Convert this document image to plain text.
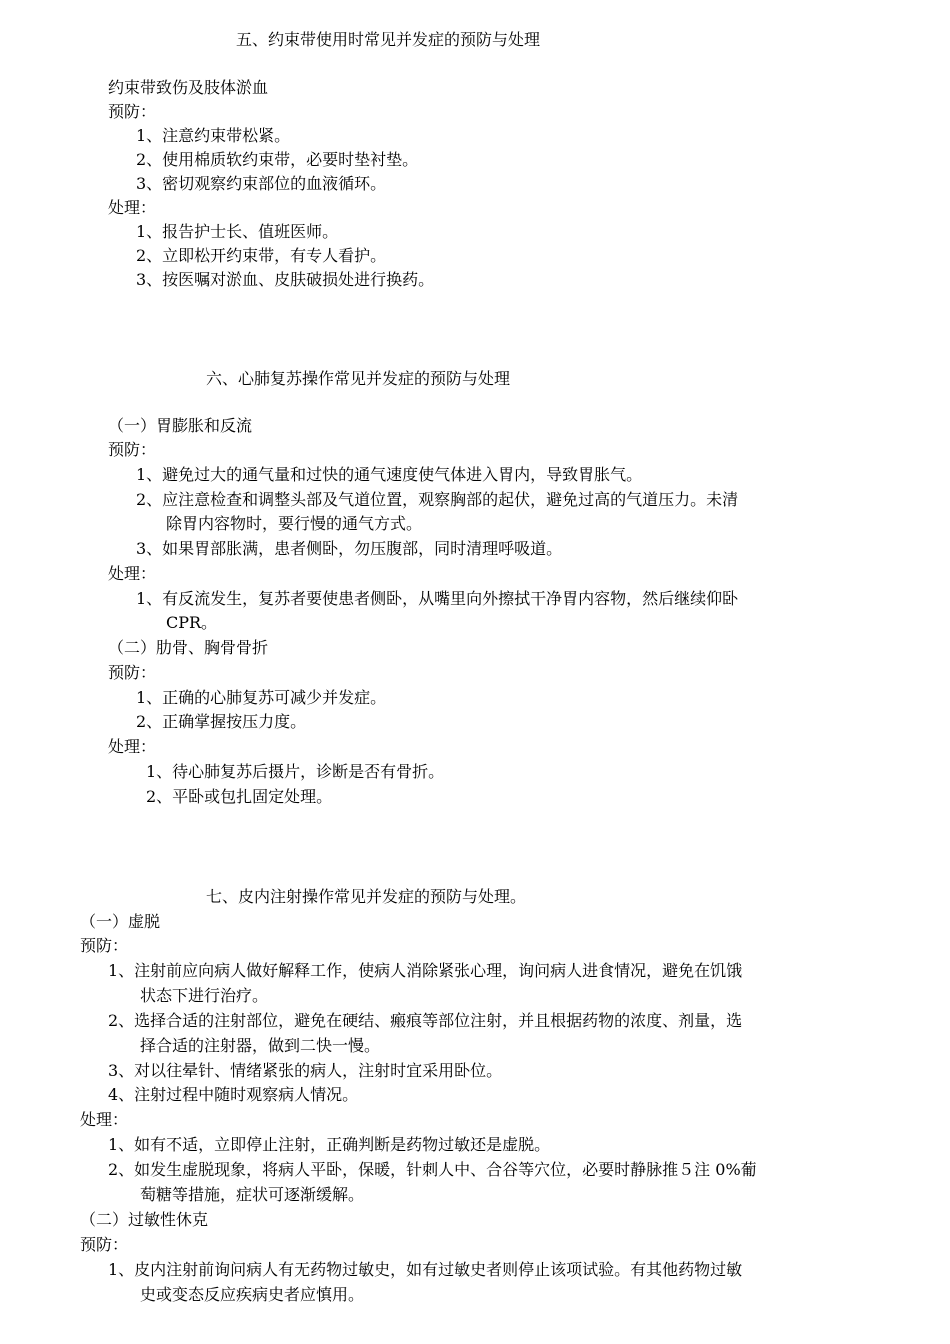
五、约束带使用时常见并发症的预防与处理
约束带致伤及肢体淤血
预防：
1、注意约束带松紧。
2、使用棉质软约束带，必要时垫衬垫。
3、密切观察约束部位的血液循环。
处理：
1、报告护士长、值班医师。
2、立即松开约束带，有专人看护。
3、按医嘱对淤血、皮肤破损处进行换药。
六、心肺复苏操作常见并发症的预防与处理
（一）胃膨胀和反流
预防：
1、避免过大的通气量和过快的通气速度使气体进入胃内，导致胃胀气。
2、应注意检查和调整头部及气道位置，观察胸部的起伏，避免过高的气道压力。未清
除胃内容物时，要行慢的通气方式。
3、如果胃部胀满，患者侧卧，勿压腹部，同时清理呼吸道。
处理：
1、有反流发生，复苏者要使患者侧卧，从嘴里向外擦拭干净胃内容物，然后继续仰卧
CPR。
（二）肋骨、胸骨骨折
预防：
1、正确的心肺复苏可减少并发症。
2、正确掌握按压力度。
处理：
1、待心肺复苏后摄片，诊断是否有骨折。
2、平卧或包扎固定处理。
七、皮内注射操作常见并发症的预防与处理。
（一）虚脱
预防：
1、注射前应向病人做好解释工作，使病人消除紧张心理，询问病人进食情况，避免在饥饿
状态下进行治疗。
2、选择合适的注射部位，避免在硬结、瘢痕等部位注射，并且根据药物的浓度、剂量，选
择合适的注射器，做到二快一慢。
3、对以往晕针、情绪紧张的病人，注射时宜采用卧位。
4、注射过程中随时观察病人情况。
处理：
1、如有不适，立即停止注射，正确判断是药物过敏还是虚脱。
2、如发生虚脱现象，将病人平卧，保暖，针刺人中、合谷等穴位，必要时静脉推５注 0%葡
萄糖等措施，症状可逐渐缓解。
（二）过敏性休克
预防：
1、皮内注射前询问病人有无药物过敏史，如有过敏史者则停止该项试验。有其他药物过敏
史或变态反应疾病史者应慎用。
